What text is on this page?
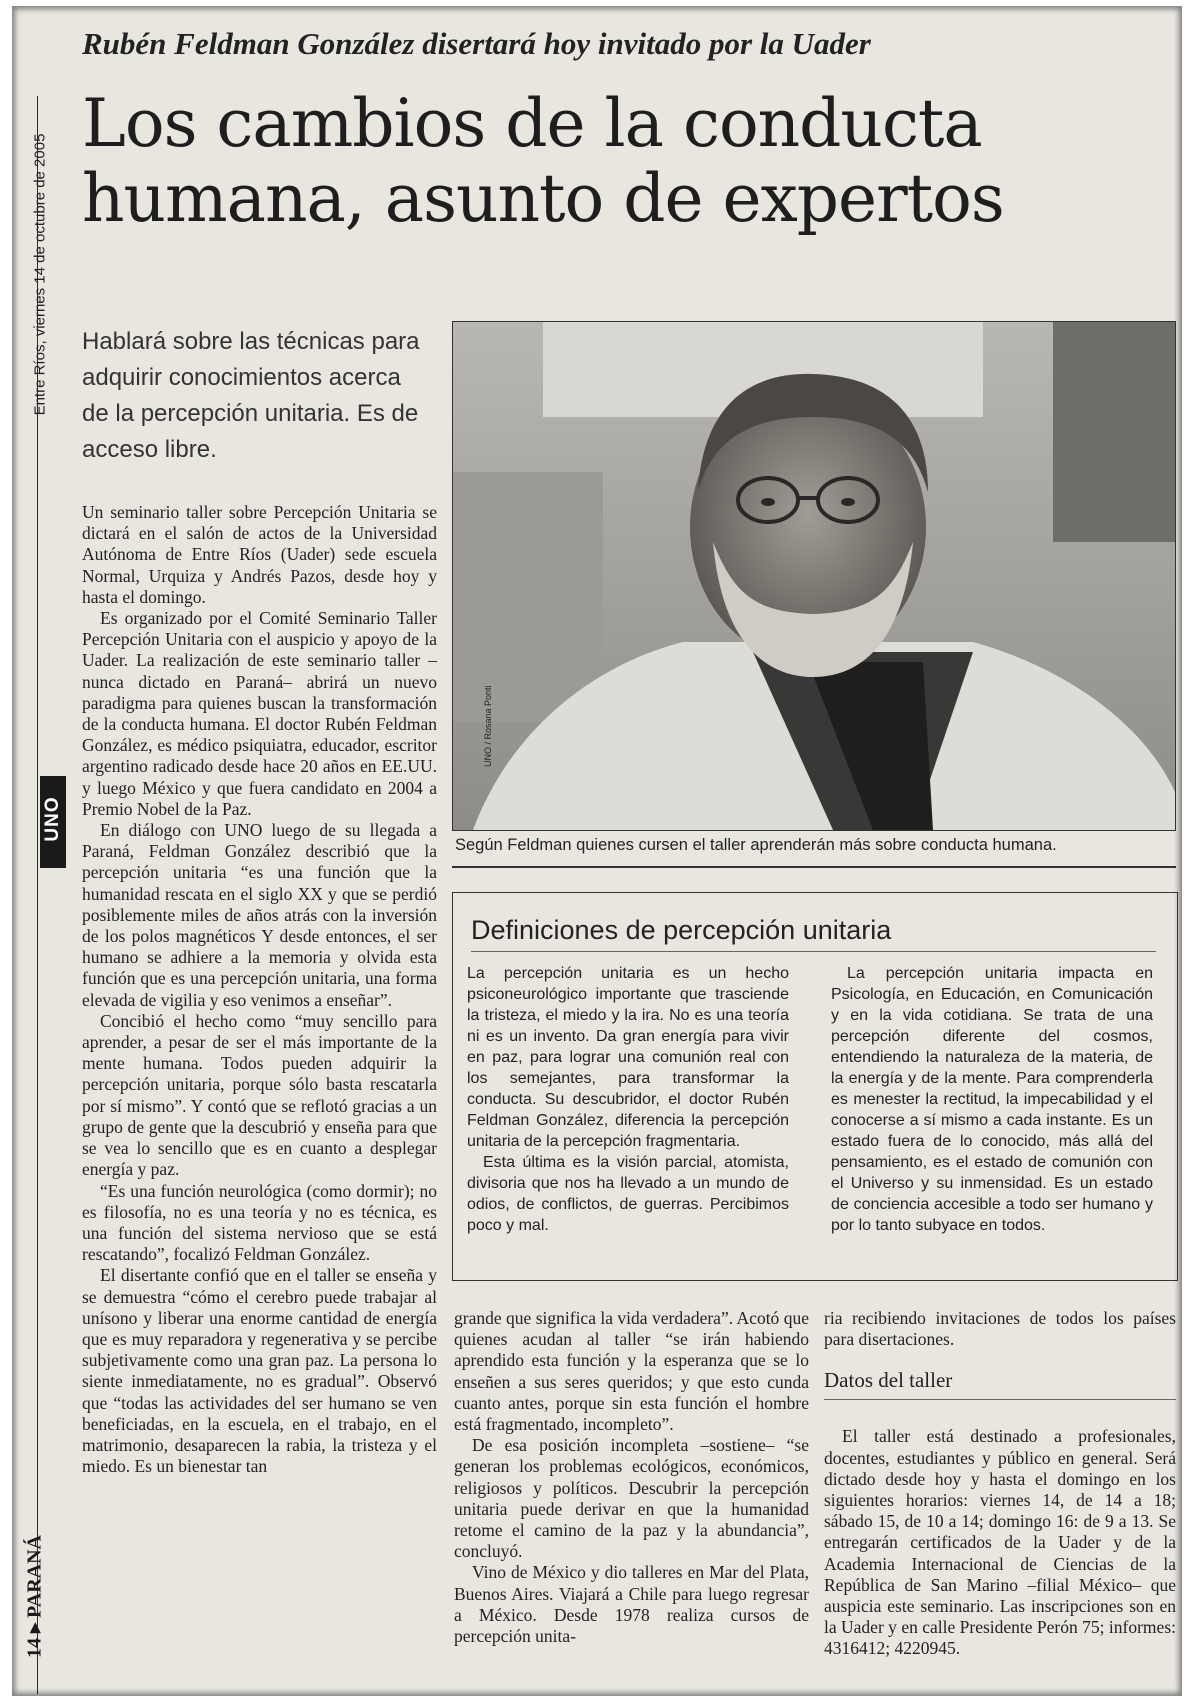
Entre Ríos, viernes 14 de octubre de 2005
UNO
14 ▸ PARANÁ
Rubén Feldman González disertará hoy invitado por la Uader
Los cambios de la conducta
humana, asunto de expertos
Hablará sobre las técnicas para adquirir conocimientos acerca de la percepción unitaria. Es de acceso libre.
UNO / Rosana Ponti
Según Feldman quienes cursen el taller aprenderán más sobre conducta humana.

Un seminario taller sobre Percepción Unitaria se dictará en el salón de actos de la Universidad Autónoma de Entre Ríos (Uader) sede escuela Normal, Urquiza y Andrés Pazos, desde hoy y hasta el domingo.

Es organizado por el Comité Seminario Taller Percepción Unitaria con el auspicio y apoyo de la Uader. La realización de este seminario taller –nunca dictado en Paraná– abrirá un nuevo paradigma para quienes buscan la transformación de la conducta humana. El doctor Rubén Feldman González, es médico psiquiatra, educador, escritor argentino radicado desde hace 20 años en EE.UU. y luego México y que fuera candidato en 2004 a Premio Nobel de la Paz.

En diálogo con UNO luego de su llegada a Paraná, Feldman González describió que la percepción unitaria “es una función que la humanidad rescata en el siglo XX y que se perdió posiblemente miles de años atrás con la inversión de los polos magnéticos Y desde entonces, el ser humano se adhiere a la memoria y olvida esta función que es una percepción unitaria, una forma elevada de vigilia y eso venimos a enseñar”.

Concibió el hecho como “muy sencillo para aprender, a pesar de ser el más importante de la mente humana. Todos pueden adquirir la percepción unitaria, porque sólo basta rescatarla por sí mismo”. Y contó que se reflotó gracias a un grupo de gente que la descubrió y enseña para que se vea lo sencillo que es en cuanto a desplegar energía y paz.

“Es una función neurológica (como dormir); no es filosofía, no es una teoría y no es técnica, es una función del sistema nervioso que se está rescatando”, focalizó Feldman González.

El disertante confió que en el taller se enseña y se demuestra “cómo el cerebro puede trabajar al unísono y liberar una enorme cantidad de energía que es muy reparadora y regenerativa y se percibe subjetivamente como una gran paz. La persona lo siente inmediatamente, no es gradual”. Observó que “todas las actividades del ser humano se ven beneficiadas, en la escuela, en el trabajo, en el matrimonio, desaparecen la rabia, la tristeza y el miedo. Es un bienestar tan

Definiciones de percepción unitaria

La percepción unitaria es un hecho psiconeurológico importante que trasciende la tristeza, el miedo y la ira. No es una teoría ni es un invento. Da gran energía para vivir en paz, para lograr una comunión real con los semejantes, para transformar la conducta. Su descubridor, el doctor Rubén Feldman González, diferencia la percepción unitaria de la percepción fragmentaria.

Esta última es la visión parcial, atomista, divisoria que nos ha llevado a un mundo de odios, de conflictos, de guerras. Percibimos poco y mal.

La percepción unitaria impacta en Psicología, en Educación, en Comunicación y en la vida cotidiana. Se trata de una percepción diferente del cosmos, entendiendo la naturaleza de la materia, de la energía y de la mente. Para comprenderla es menester la rectitud, la impecabilidad y el conocerse a sí mismo a cada instante. Es un estado fuera de lo conocido, más allá del pensamiento, es el estado de comunión con el Universo y su inmensidad. Es un estado de conciencia accesible a todo ser humano y por lo tanto subyace en todos.

grande que significa la vida verdadera”. Acotó que quienes acudan al taller “se irán habiendo aprendido esta función y la esperanza que se lo enseñen a sus seres queridos; y que esto cunda cuanto antes, porque sin esta función el hombre está fragmentado, incompleto”.

De esa posición incompleta –sostiene– “se generan los problemas ecológicos, económicos, religiosos y políticos. Descubrir la percepción unitaria puede derivar en que la humanidad retome el camino de la paz y la abundancia”, concluyó.

Vino de México y dio talleres en Mar del Plata, Buenos Aires. Viajará a Chile para luego regresar a México. Desde 1978 realiza cursos de percepción unita-

ria recibiendo invitaciones de todos los países para disertaciones.

Datos del taller

El taller está destinado a profesionales, docentes, estudiantes y público en general. Será dictado desde hoy y hasta el domingo en los siguientes horarios: viernes 14, de 14 a 18; sábado 15, de 10 a 14; domingo 16: de 9 a 13. Se entregarán certificados de la Uader y de la Academia Internacional de Ciencias de la República de San Marino –filial México– que auspicia este seminario. Las inscripciones son en la Uader y en calle Presidente Perón 75; informes: 4316412; 4220945.
